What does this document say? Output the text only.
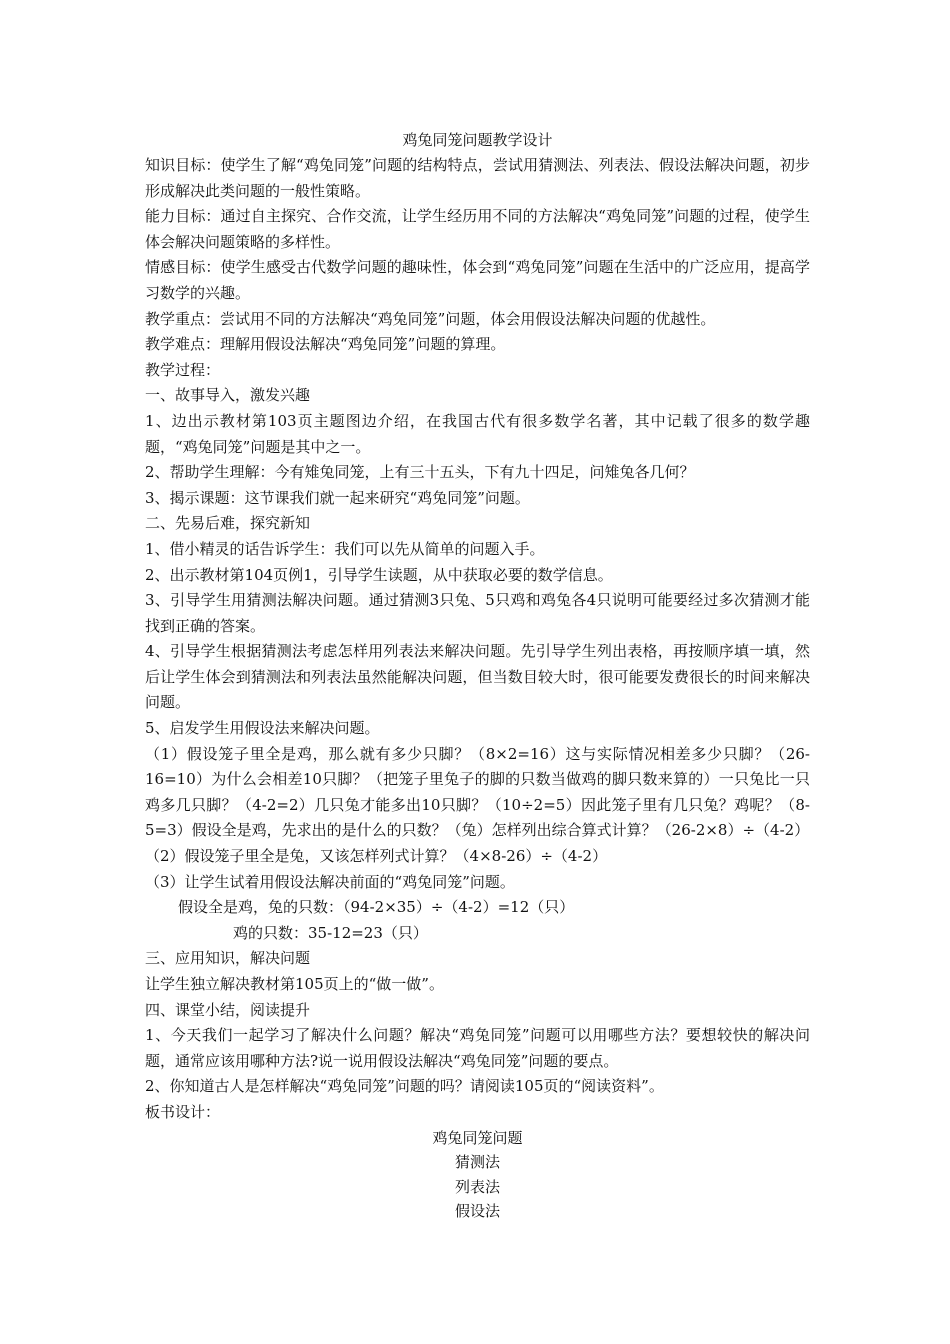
鸡兔同笼问题教学设计
知识目标：使学生了解“鸡兔同笼”问题的结构特点，尝试用猜测法、列表法、假设法解决问题，初步形成解决此类问题的一般性策略。
能力目标：通过自主探究、合作交流，让学生经历用不同的方法解决“鸡兔同笼”问题的过程，使学生体会解决问题策略的多样性。
情感目标：使学生感受古代数学问题的趣味性，体会到“鸡兔同笼”问题在生活中的广泛应用，提高学习数学的兴趣。
教学重点：尝试用不同的方法解决“鸡兔同笼”问题，体会用假设法解决问题的优越性。
教学难点：理解用假设法解决“鸡兔同笼”问题的算理。
教学过程：
一、故事导入，激发兴趣
1、边出示教材第103页主题图边介绍，在我国古代有很多数学名著，其中记载了很多的数学趣题，“鸡兔同笼”问题是其中之一。
2、帮助学生理解：今有雉兔同笼，上有三十五头，下有九十四足，问雉兔各几何？
3、揭示课题：这节课我们就一起来研究“鸡兔同笼”问题。
二、先易后难，探究新知
1、借小精灵的话告诉学生：我们可以先从简单的问题入手。
2、出示教材第104页例1，引导学生读题，从中获取必要的数学信息。
3、引导学生用猜测法解决问题。通过猜测3只兔、5只鸡和鸡兔各4只说明可能要经过多次猜测才能找到正确的答案。
4、引导学生根据猜测法考虑怎样用列表法来解决问题。先引导学生列出表格，再按顺序填一填，然后让学生体会到猜测法和列表法虽然能解决问题，但当数目较大时，很可能要发费很长的时间来解决问题。
5、启发学生用假设法来解决问题。
（1）假设笼子里全是鸡，那么就有多少只脚？（8×2=16）这与实际情况相差多少只脚？（26-16=10）为什么会相差10只脚？（把笼子里兔子的脚的只数当做鸡的脚只数来算的）一只兔比一只鸡多几只脚？（4-2=2）几只兔才能多出10只脚？（10÷2=5）因此笼子里有几只兔？鸡呢？（8-5=3）假设全是鸡，先求出的是什么的只数？（兔）怎样列出综合算式计算？（26-2×8）÷（4-2）
（2）假设笼子里全是兔，又该怎样列式计算？（4×8-26）÷（4-2）
（3）让学生试着用假设法解决前面的“鸡兔同笼”问题。
假设全是鸡，兔的只数：（94-2×35）÷（4-2）=12（只）
鸡的只数：35-12=23（只）
三、应用知识，解决问题
让学生独立解决教材第105页上的“做一做”。
四、课堂小结，阅读提升
1、今天我们一起学习了解决什么问题？解决“鸡兔同笼”问题可以用哪些方法？要想较快的解决问题，通常应该用哪种方法?说一说用假设法解决“鸡兔同笼”问题的要点。
2、你知道古人是怎样解决“鸡兔同笼”问题的吗？请阅读105页的“阅读资料”。
板书设计：
鸡兔同笼问题
猜测法
列表法
假设法
